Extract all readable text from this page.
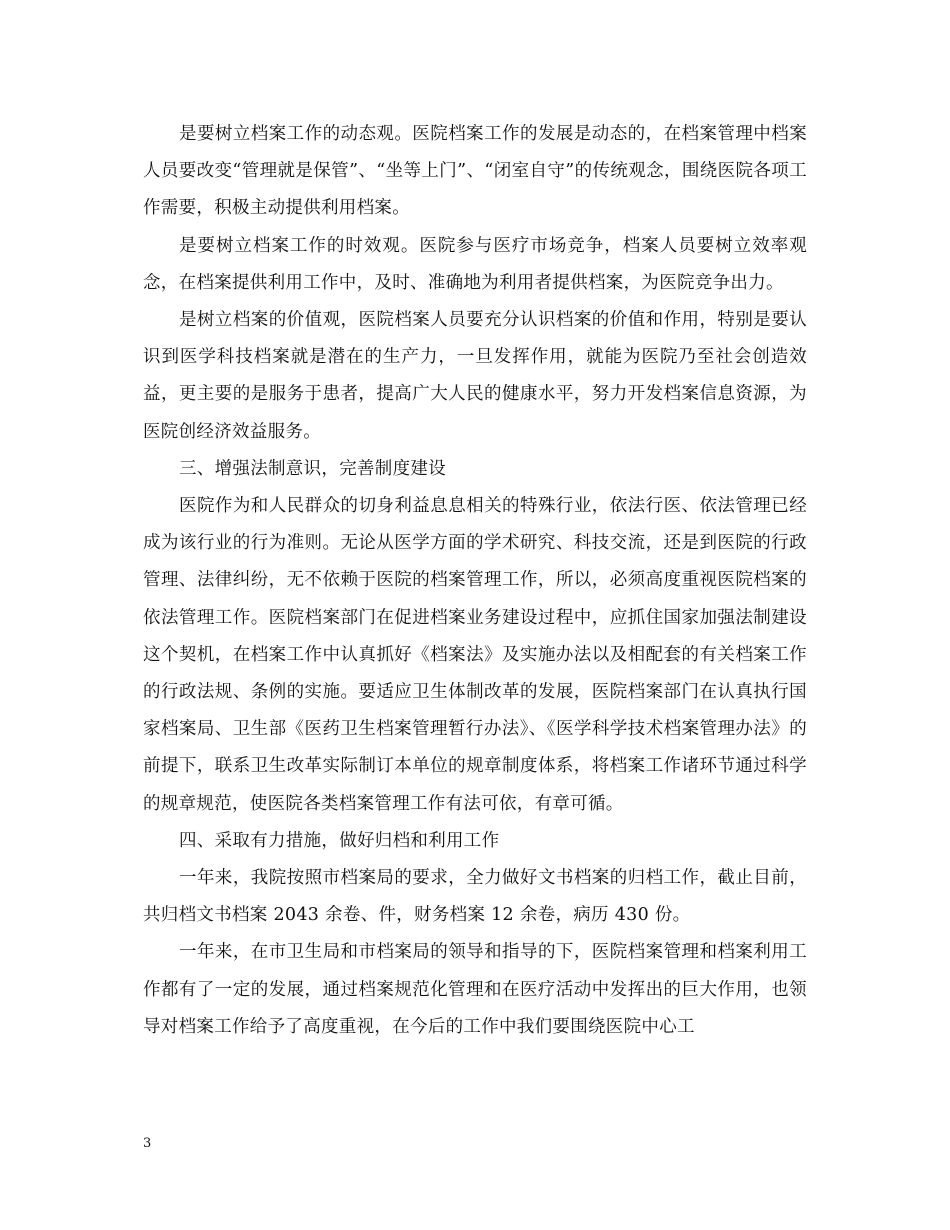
是要树立档案工作的动态观。医院档案工作的发展是动态的，在档案管理中档案人员要改变“管理就是保管”、“坐等上门”、“闭室自守”的传统观念，围绕医院各项工作需要，积极主动提供利用档案。

是要树立档案工作的时效观。医院参与医疗市场竞争，档案人员要树立效率观念，在档案提供利用工作中，及时、准确地为利用者提供档案，为医院竞争出力。

是树立档案的价值观，医院档案人员要充分认识档案的价值和作用，特别是要认识到医学科技档案就是潜在的生产力，一旦发挥作用，就能为医院乃至社会创造效益，更主要的是服务于患者，提高广大人民的健康水平，努力开发档案信息资源，为医院创经济效益服务。

三、增强法制意识，完善制度建设

医院作为和人民群众的切身利益息息相关的特殊行业，依法行医、依法管理已经成为该行业的行为准则。无论从医学方面的学术研究、科技交流，还是到医院的行政管理、法律纠纷，无不依赖于医院的档案管理工作，所以，必须高度重视医院档案的依法管理工作。医院档案部门在促进档案业务建设过程中，应抓住国家加强法制建设这个契机，在档案工作中认真抓好《档案法》及实施办法以及相配套的有关档案工作的行政法规、条例的实施。要适应卫生体制改革的发展，医院档案部门在认真执行国家档案局、卫生部《医药卫生档案管理暂行办法》、《医学科学技术档案管理办法》的前提下，联系卫生改革实际制订本单位的规章制度体系，将档案工作诸环节通过科学的规章规范，使医院各类档案管理工作有法可依，有章可循。

四、采取有力措施，做好归档和利用工作

一年来，我院按照市档案局的要求，全力做好文书档案的归档工作，截止目前，共归档文书档案 2043 余卷、件，财务档案 12 余卷，病历 430 份。

一年来，在市卫生局和市档案局的领导和指导的下，医院档案管理和档案利用工作都有了一定的发展，通过档案规范化管理和在医疗活动中发挥出的巨大作用，也领导对档案工作给予了高度重视，在今后的工作中我们要围绕医院中心工

3
